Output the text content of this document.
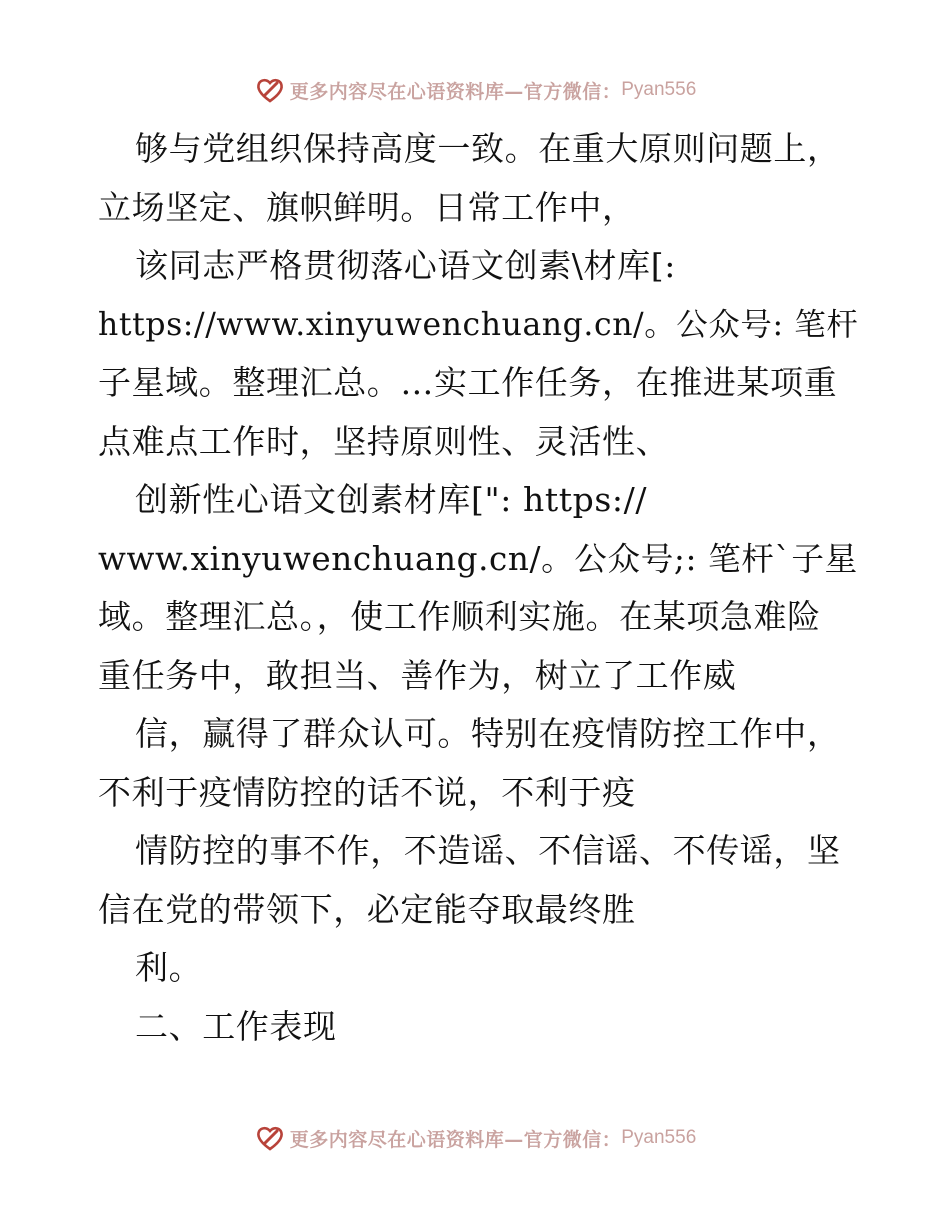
更多内容尽在心语资料库—官方微信： Pyan556
够与党组织保持高度一致。在重大原则问题上，
立场坚定、旗帜鲜明。日常工作中，
该同志严格贯彻落心语文创素\材库[:
https://www.xinyuwenchuang.cn/。公众号: 笔杆
子星域。整理汇总。…实工作任务，在推进某项重
点难点工作时，坚持原则性、灵活性、
创新性心语文创素材库[": https://
www.xinyuwenchuang.cn/。公众号;: 笔杆`子星
域。整理汇总。，使工作顺利实施。在某项急难险
重任务中，敢担当、善作为，树立了工作威
信，赢得了群众认可。特别在疫情防控工作中，
不利于疫情防控的话不说，不利于疫
情防控的事不作，不造谣、不信谣、不传谣，坚
信在党的带领下，必定能夺取最终胜
利。
二、工作表现
更多内容尽在心语资料库—官方微信： Pyan556
